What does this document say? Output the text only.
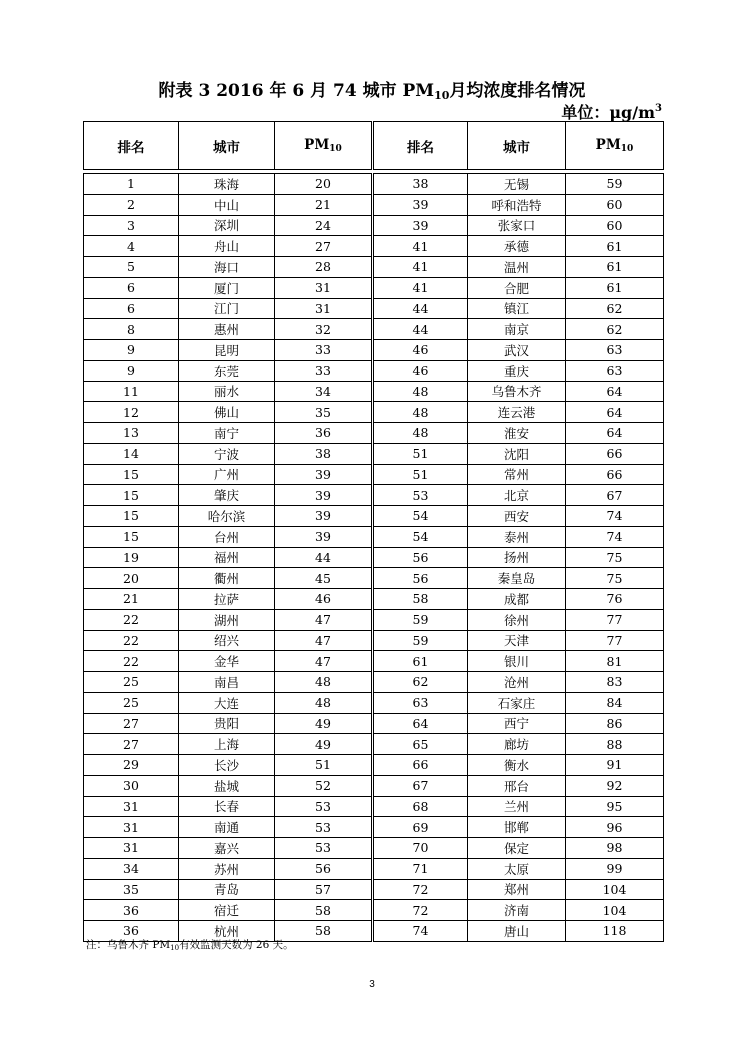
附表 3 2016 年 6 月 74 城市 $PM_{10}$月均浓度排名情况
单位：$\mu g/m^3$
排名	城市	$PM_{10}$	排名	城市	$PM_{10}$

1	珠海	20	38	无锡	59
2	中山	21	39	呼和浩特	60
3	深圳	24	39	张家口	60
4	舟山	27	41	承德	61
5	海口	28	41	温州	61
6	厦门	31	41	合肥	61
6	江门	31	44	镇江	62
8	惠州	32	44	南京	62
9	昆明	33	46	武汉	63
9	东莞	33	46	重庆	63
11	丽水	34	48	乌鲁木齐	64
12	佛山	35	48	连云港	64
13	南宁	36	48	淮安	64
14	宁波	38	51	沈阳	66
15	广州	39	51	常州	66
15	肇庆	39	53	北京	67
15	哈尔滨	39	54	西安	74
15	台州	39	54	泰州	74
19	福州	44	56	扬州	75
20	衢州	45	56	秦皇岛	75
21	拉萨	46	58	成都	76
22	湖州	47	59	徐州	77
22	绍兴	47	59	天津	77
22	金华	47	61	银川	81
25	南昌	48	62	沧州	83
25	大连	48	63	石家庄	84
27	贵阳	49	64	西宁	86
27	上海	49	65	廊坊	88
29	长沙	51	66	衡水	91
30	盐城	52	67	邢台	92
31	长春	53	68	兰州	95
31	南通	53	69	邯郸	96
31	嘉兴	53	70	保定	98
34	苏州	56	71	太原	99
35	青岛	57	72	郑州	104
36	宿迁	58	72	济南	104
36	杭州	58	74	唐山	118
注：乌鲁木齐 $PM_{10}$有效监测天数为 26 天。
3
